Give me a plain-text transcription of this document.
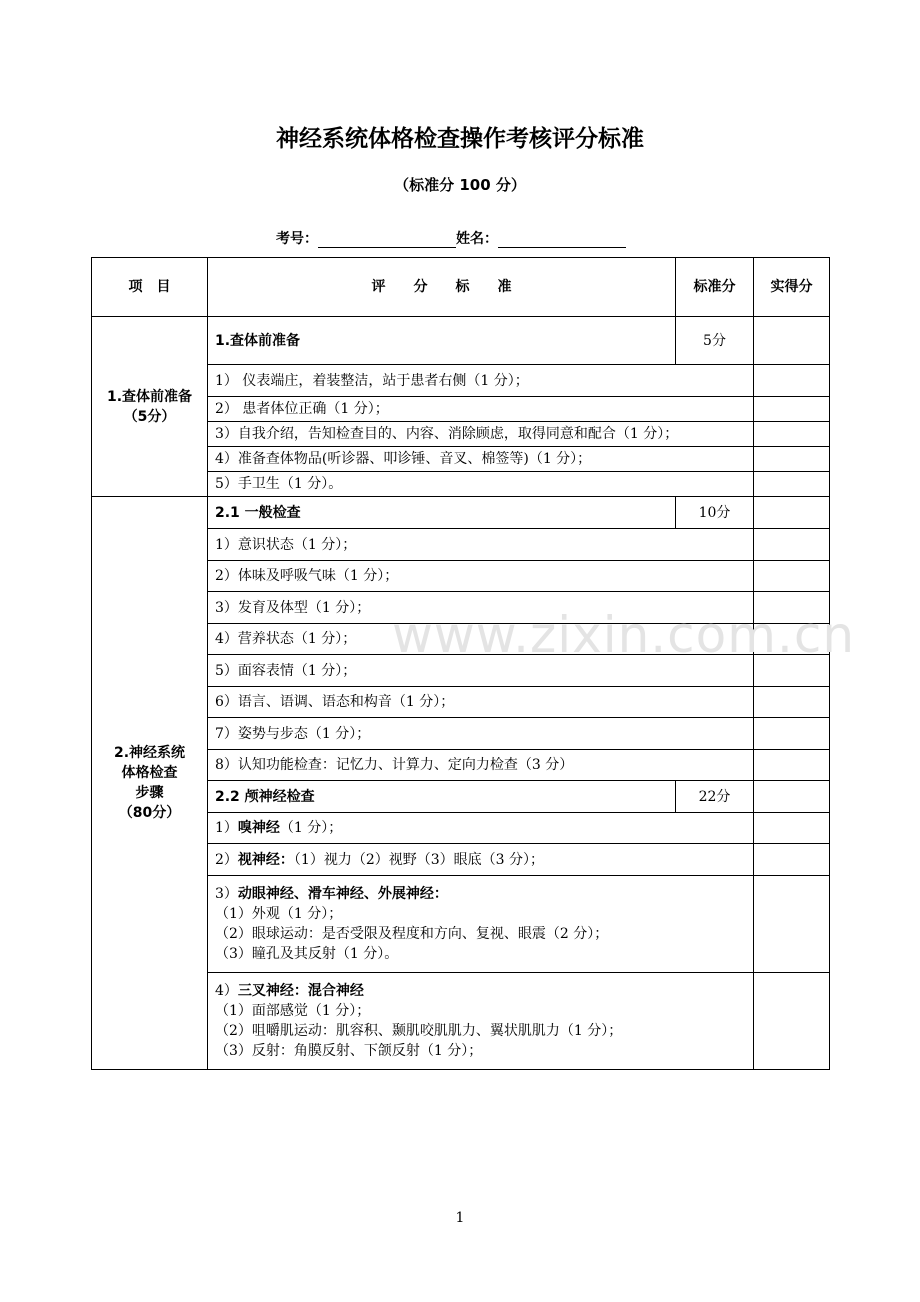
神经系统体格检查操作考核评分标准
（标准分 100 分）
考号：	姓名：
项　目	评　　分　　标　　准	标准分	实得分

1.查体前准备
（5分）	1.查体前准备	5分	
	1） 仪表端庄，着装整洁，站于患者右侧（1 分）；		
	2） 患者体位正确（1 分）；		
	3）自我介绍，告知检查目的、内容、消除顾虑，取得同意和配合（1 分）；		
	4）准备查体物品(听诊器、叩诊锤、音叉、棉签等)（1 分）；		
	5）手卫生（1 分）。		

2.神经系统
体格检查
步骤
（80分）	2.1 一般检查	10分	
	1）意识状态（1 分）；		
	2）体味及呼吸气味（1 分）；		
	3）发育及体型（1 分）；		
	4）营养状态（1 分）；		
	5）面容表情（1 分）；		
	6）语言、语调、语态和构音（1 分）；		
	7）姿势与步态（1 分）；		
	8）认知功能检查：记忆力、计算力、定向力检查（3 分）		
	2.2 颅神经检查	22分	
	1）嗅神经（1 分）；		
	2）视神经：（1）视力（2）视野（3）眼底（3 分）；		

	3）动眼神经、滑车神经、外展神经：
（1）外观（1 分）；
（2）眼球运动：是否受限及程度和方向、复视、眼震（2 分）；
（3）瞳孔及其反射（1 分）。		

	4）三叉神经：混合神经
（1）面部感觉（1 分）；
（2）咀嚼肌运动：肌容积、颞肌咬肌肌力、翼状肌肌力（1 分）；
（3）反射：角膜反射、下颌反射（1 分）；		

www.zixin.com.cn
1
